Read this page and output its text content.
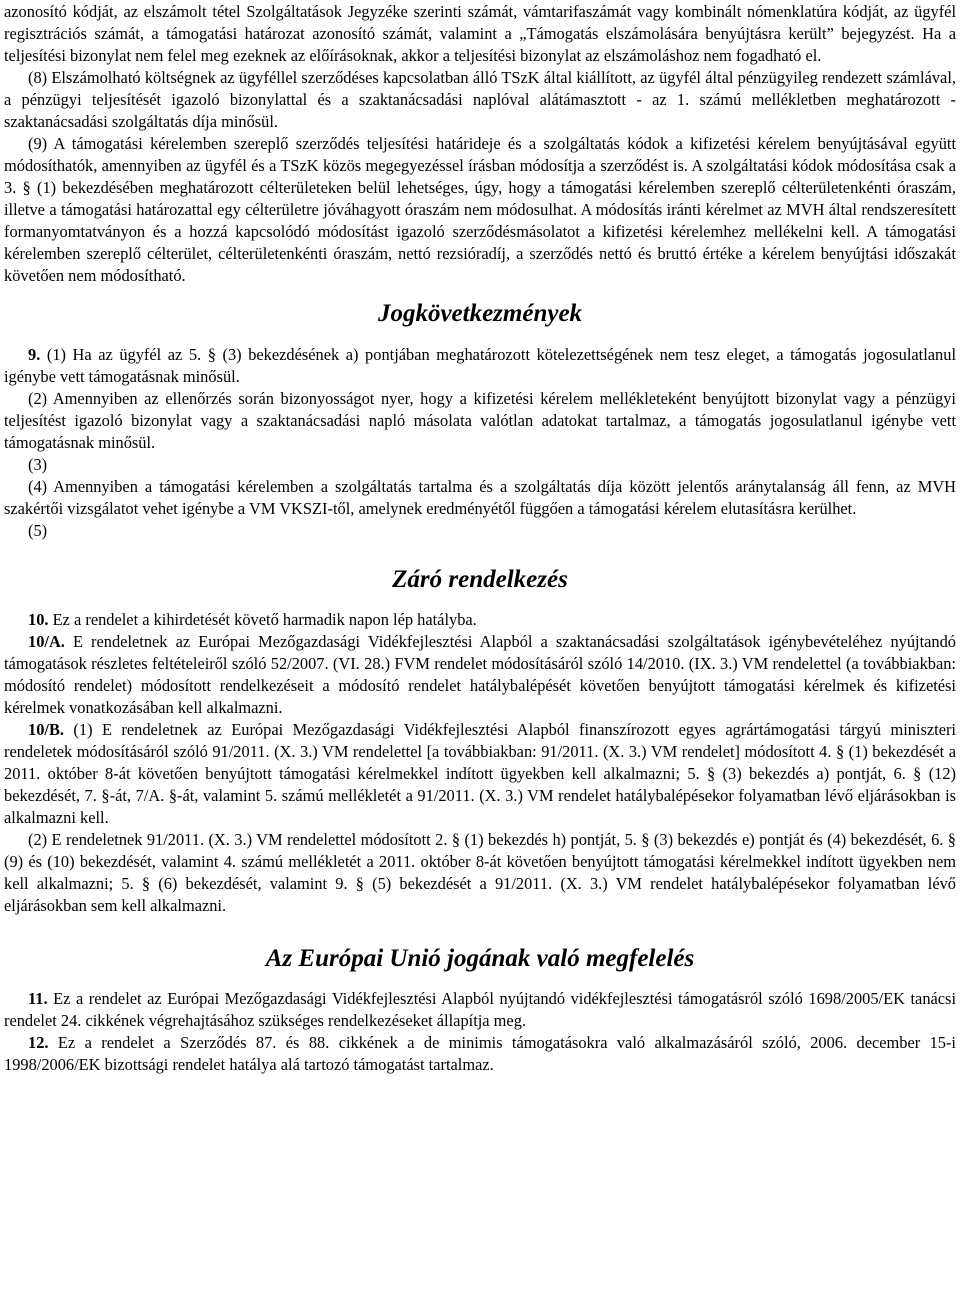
azonosító kódját, az elszámolt tétel Szolgáltatások Jegyzéke szerinti számát, vámtarifaszámát vagy kombinált nómenklatúra kódját, az ügyfél regisztrációs számát, a támogatási határozat azonosító számát, valamint a „Támogatás elszámolására benyújtásra került” bejegyzést. Ha a teljesítési bizonylat nem felel meg ezeknek az előírásoknak, akkor a teljesítési bizonylat az elszámoláshoz nem fogadható el.

(8) Elszámolható költségnek az ügyféllel szerződéses kapcsolatban álló TSzK által kiállított, az ügyfél által pénzügyileg rendezett számlával, a pénzügyi teljesítését igazoló bizonylattal és a szaktanácsadási naplóval alátámasztott - az 1. számú mellékletben meghatározott - szaktanácsadási szolgáltatás díja minősül.

(9) A támogatási kérelemben szereplő szerződés teljesítési határideje és a szolgáltatás kódok a kifizetési kérelem benyújtásával együtt módosíthatók, amennyiben az ügyfél és a TSzK közös megegyezéssel írásban módosítja a szerződést is. A szolgáltatási kódok módosítása csak a 3. § (1) bekezdésében meghatározott célterületeken belül lehetséges, úgy, hogy a támogatási kérelemben szereplő célterületenkénti óraszám, illetve a támogatási határozattal egy célterületre jóváhagyott óraszám nem módosulhat. A módosítás iránti kérelmet az MVH által rendszeresített formanyomtatványon és a hozzá kapcsolódó módosítást igazoló szerződésmásolatot a kifizetési kérelemhez mellékelni kell. A támogatási kérelemben szereplő célterület, célterületenkénti óraszám, nettó rezsióradíj, a szerződés nettó és bruttó értéke a kérelem benyújtási időszakát követően nem módosítható.

Jogkövetkezmények

9. (1) Ha az ügyfél az 5. § (3) bekezdésének a) pontjában meghatározott kötelezettségének nem tesz eleget, a támogatás jogosulatlanul igénybe vett támogatásnak minősül.

(2) Amennyiben az ellenőrzés során bizonyosságot nyer, hogy a kifizetési kérelem mellékleteként benyújtott bizonylat vagy a pénzügyi teljesítést igazoló bizonylat vagy a szaktanácsadási napló másolata valótlan adatokat tartalmaz, a támogatás jogosulatlanul igénybe vett támogatásnak minősül.

(3)

(4) Amennyiben a támogatási kérelemben a szolgáltatás tartalma és a szolgáltatás díja között jelentős aránytalanság áll fenn, az MVH szakértői vizsgálatot vehet igénybe a VM VKSZI-től, amelynek eredményétől függően a támogatási kérelem elutasításra kerülhet.

(5)

Záró rendelkezés

10. Ez a rendelet a kihirdetését követő harmadik napon lép hatályba.

10/A. E rendeletnek az Európai Mezőgazdasági Vidékfejlesztési Alapból a szaktanácsadási szolgáltatások igénybevételéhez nyújtandó támogatások részletes feltételeiről szóló 52/2007. (VI. 28.) FVM rendelet módosításáról szóló 14/2010. (IX. 3.) VM rendelettel (a továbbiakban: módosító rendelet) módosított rendelkezéseit a módosító rendelet hatálybalépését követően benyújtott támogatási kérelmek és kifizetési kérelmek vonatkozásában kell alkalmazni.

10/B. (1) E rendeletnek az Európai Mezőgazdasági Vidékfejlesztési Alapból finanszírozott egyes agrártámogatási tárgyú miniszteri rendeletek módosításáról szóló 91/2011. (X. 3.) VM rendelettel [a továbbiakban: 91/2011. (X. 3.) VM rendelet] módosított 4. § (1) bekezdését a 2011. október 8-át követően benyújtott támogatási kérelmekkel indított ügyekben kell alkalmazni; 5. § (3) bekezdés a) pontját, 6. § (12) bekezdését, 7. §-át, 7/A. §-át, valamint 5. számú mellékletét a 91/2011. (X. 3.) VM rendelet hatálybalépésekor folyamatban lévő eljárásokban is alkalmazni kell.

(2) E rendeletnek 91/2011. (X. 3.) VM rendelettel módosított 2. § (1) bekezdés h) pontját, 5. § (3) bekezdés e) pontját és (4) bekezdését, 6. § (9) és (10) bekezdését, valamint 4. számú mellékletét a 2011. október 8-át követően benyújtott támogatási kérelmekkel indított ügyekben nem kell alkalmazni; 5. § (6) bekezdését, valamint 9. § (5) bekezdését a 91/2011. (X. 3.) VM rendelet hatálybalépésekor folyamatban lévő eljárásokban sem kell alkalmazni.

Az Európai Unió jogának való megfelelés

11. Ez a rendelet az Európai Mezőgazdasági Vidékfejlesztési Alapból nyújtandó vidékfejlesztési támogatásról szóló 1698/2005/EK tanácsi rendelet 24. cikkének végrehajtásához szükséges rendelkezéseket állapítja meg.

12. Ez a rendelet a Szerződés 87. és 88. cikkének a de minimis támogatásokra való alkalmazásáról szóló, 2006. december 15-i 1998/2006/EK bizottsági rendelet hatálya alá tartozó támogatást tartalmaz.
